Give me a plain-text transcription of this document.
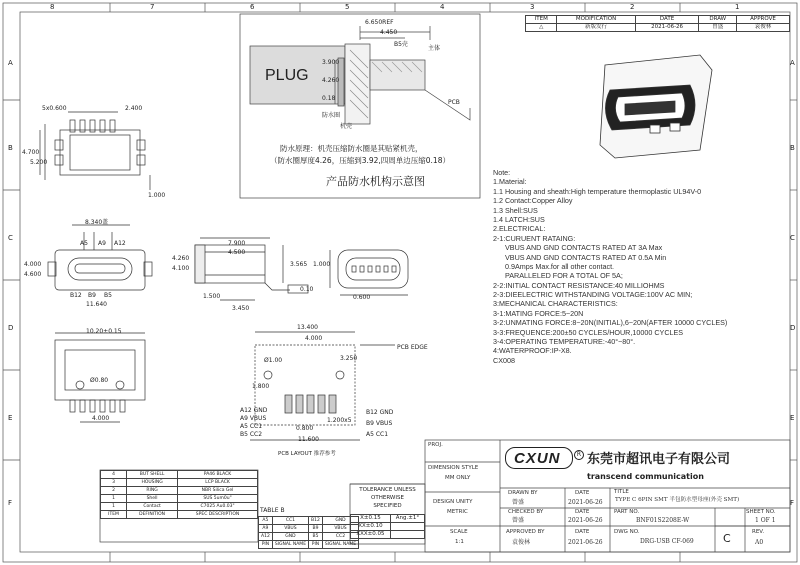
8	7	6	5	4	3	2	1
A
B
C
D
E
F
A
B
C
D
E
F
ITEM	MODIFICATION	DATE	DRAW	APPROVE
△	新版发行	2021-06-26	曾盛	袁俊林
PLUG
6.650REF
4.450
3.900
4.260
0.18
防水圈
机壳
PCB
B5壳
主体
防水原理：机壳压缩防水圈是其贴紧机壳，
（防水圈厚度4.26，压缩到3.92,四周单边压缩0.18）
产品防水机构示意图
5x0.600	2.400
4.700
5.200
1.000
8.340盖
A5 A9 A12
B12 B9 B5
4.000
4.600
7.900
4.500
4.260
4.100
1.500
3.565
3.450
0.600
0.10
1.000
10.20±0.15
Ø0.80
4.000
11.640
13.400
4.000
3.250
Ø1.00
1.800
0.800
1.200x5
11.600
PCB EDGE
A12 GND
A9 VBUS
A5 CC1
B5 CC2
B12 GND
B9 VBUS
A5 CC1
PCB LAYOUT 推荐参考
Note:
1.Material:
1.1 Housing and sheath:High temperature thermoplastic UL94V-0
1.2 Contact:Copper Alloy
1.3 Shell:SUS
1.4 LATCH:SUS
2.ELECTRICAL:
2-1:CURUENT RATAING:
VBUS AND GND CONTACTS RATED AT 3A Max
VBUS AND GND CONTACTS RATED AT 0.5A Min
0.9Amps Max.for all other contact.
PARALLELED FOR A TOTAL OF 5A;
2-2:INITIAL CONTACT RESISTANCE:40 MILLIOHMS
2-3:DIEELECTRIC WITHSTANDING VOLTAGE:100V AC MIN;
3:MECHANICAL CHARACTERISTICS:
3-1:MATING FORCE:5~20N
3-2:UNMATING FORCE:8~20N(INITIAL),6~20N(AFTER 10000 CYCLES)
3-3:FREQUENCE:200±50 CYCLES/HOUR,10000 CYCLES
3-4:OPERATING TEMPERATURE:-40°~80°.
4:WATERPROOF:IP-X8.
CX008
4	BUT SHELL	PA46 BLACK
3	HOUSING	LCP BLACK
2	RING	NBR Silica Gel
1	Shell	SUS 5um0u"
1	Contact	C7025 Au0.03"
ITEM	DEFINITION	SPEC DESCRIPTION
TABLE B
A5	CC1	B12	GND
A9	VBUS	B9	VBUS
A12	GND	B5	CC2
PIN	SIGNAL NAME	PIN	SIGNAL NAME
TOLERANCE UNLESS
OTHERWISE
SPECIFIED
X±0.15	Ang.±1°
XX±0.10	
XXX±0.05	
PROJ.
DIMENSION STYLE
MM ONLY
DESIGN UNITY
METRIC
SCALE
1:1
CXUN	R 东莞市超讯电子有限公司
transcend communication
DRAWN BY
曾盛
DATE
2021-06-26
CHECKED BY
曾盛
DATE
2021-06-26
APPROVED BY
袁俊林
DATE
2021-06-26
TITLE
TYPE C 6PIN SMT 半包防水型母座(外壳 SMT)
PART NO.
BNF01S2208E-W
SHEET NO.
1 OF 1
DWG NO.
DRG-USB CF-069	C	REV.
A0
